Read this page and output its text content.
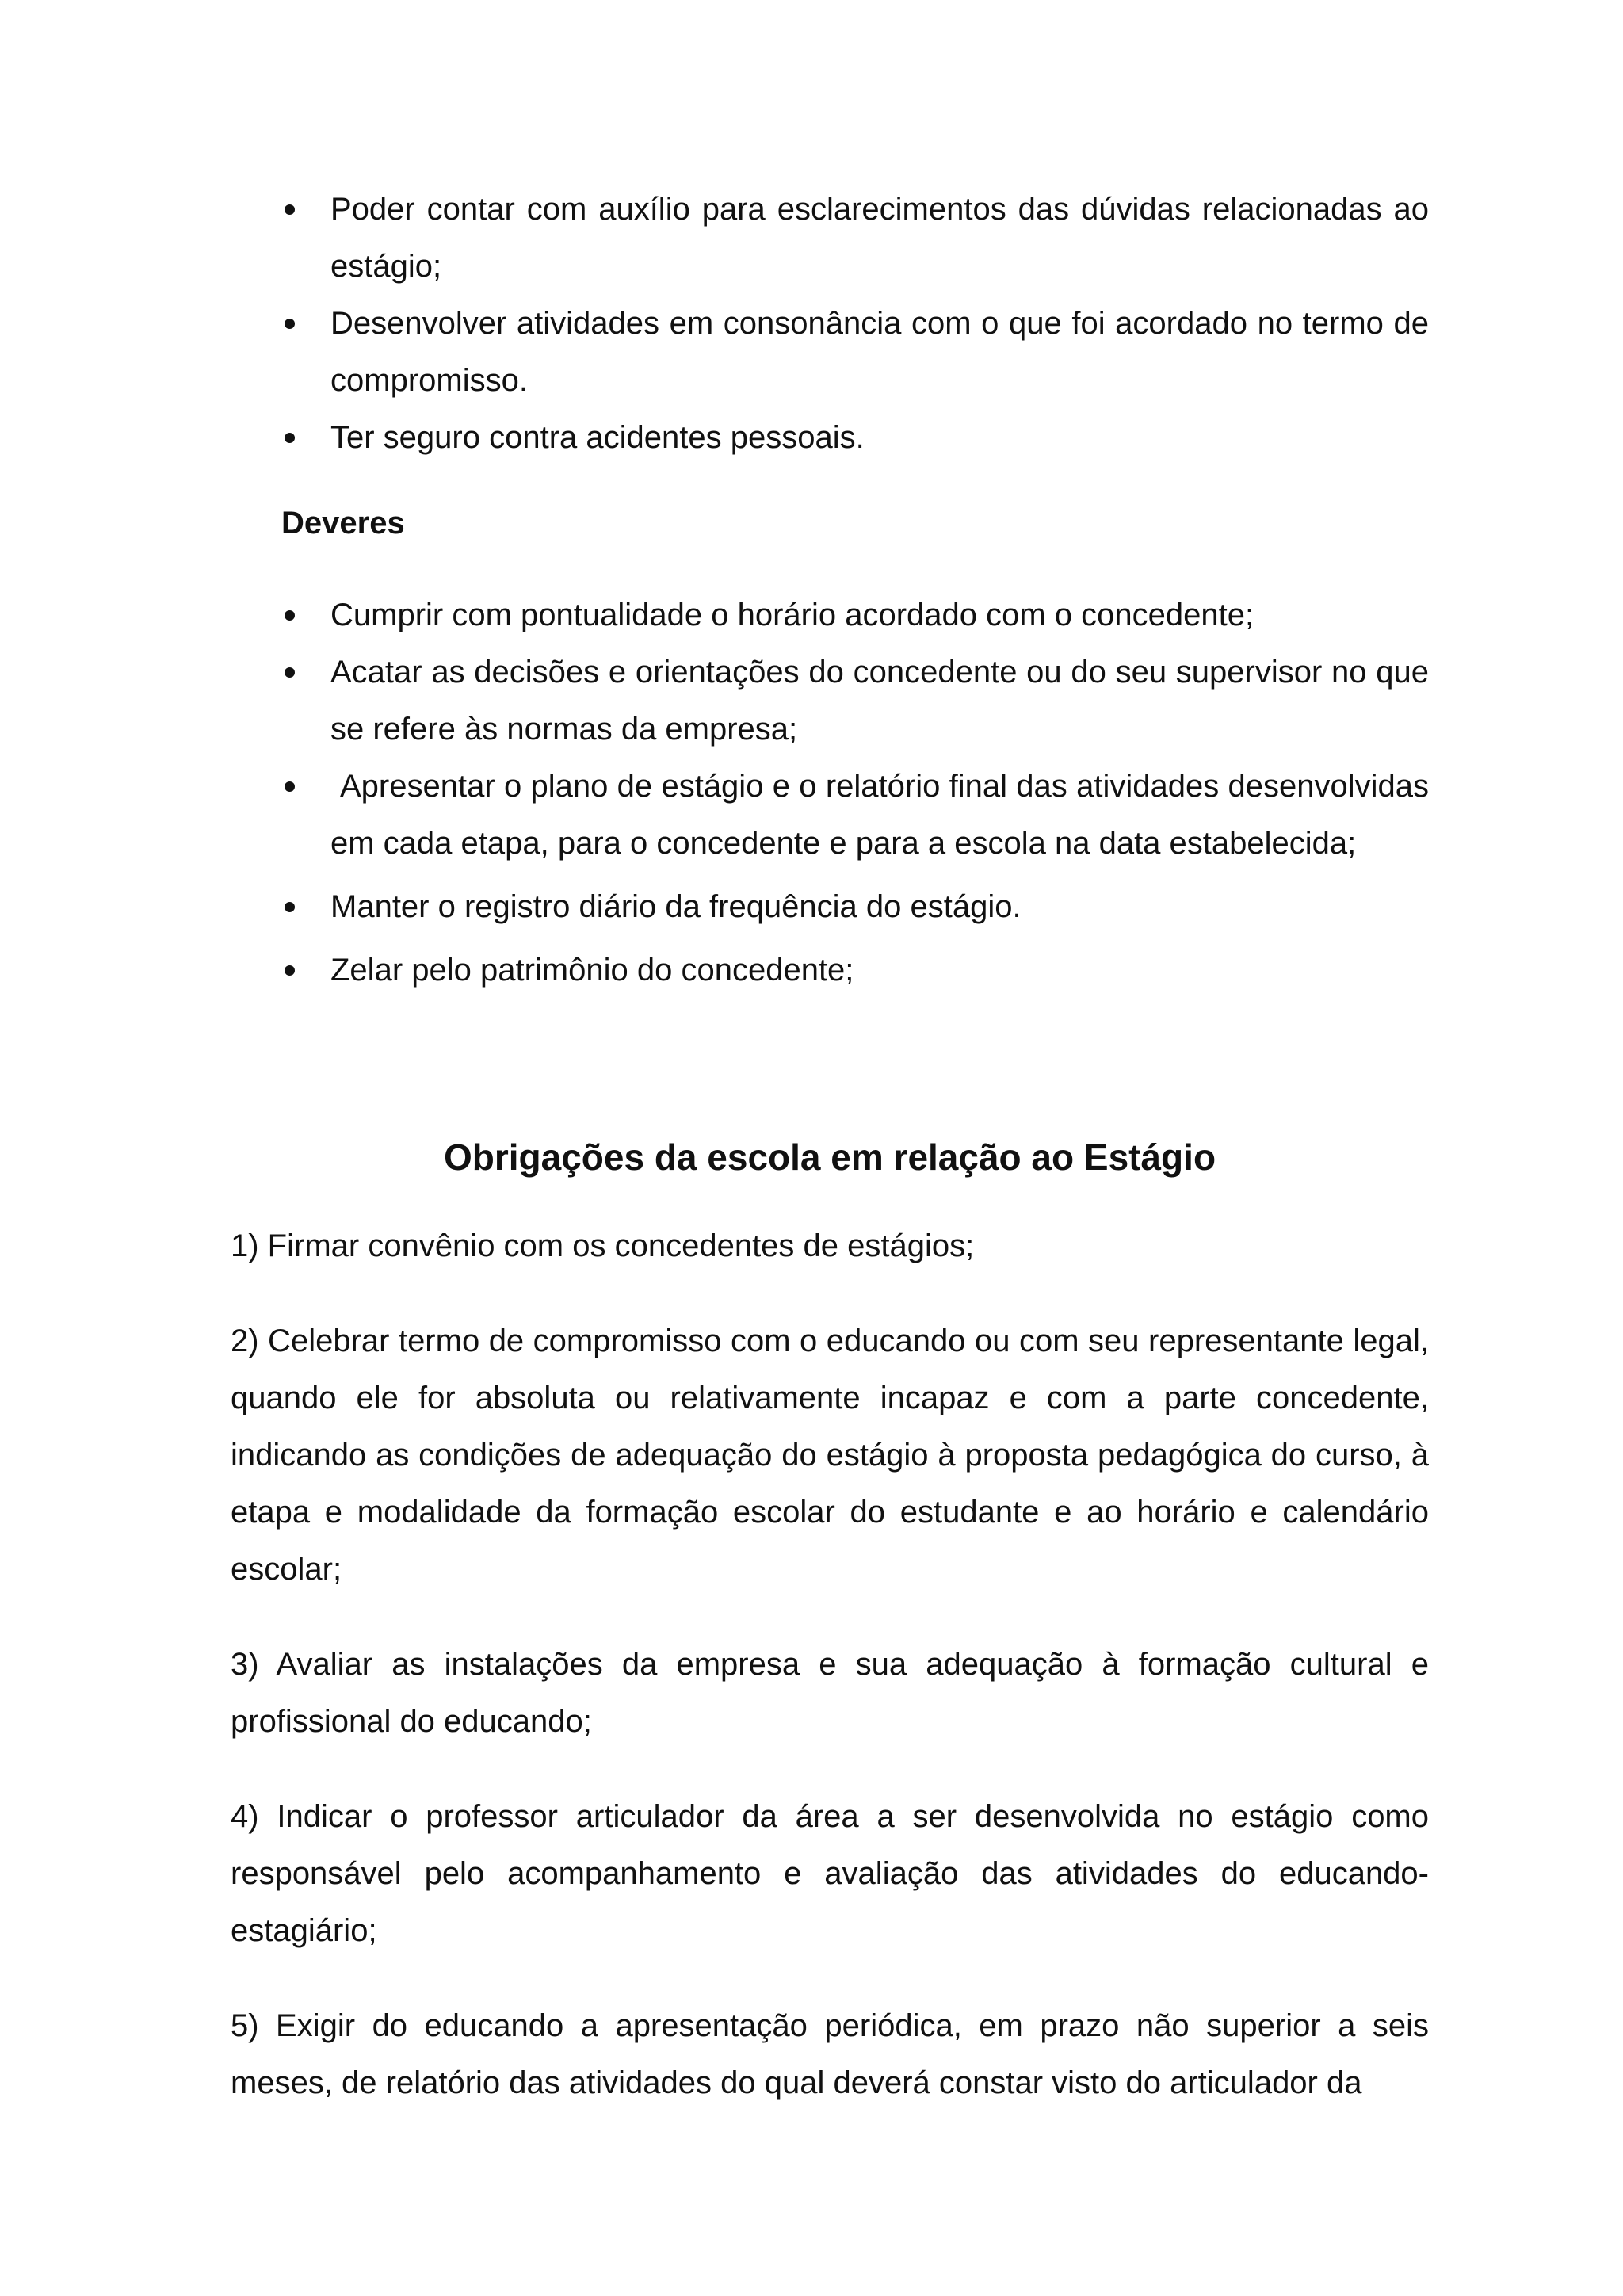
Poder contar com auxílio para esclarecimentos das dúvidas relacionadas ao estágio;
Desenvolver atividades em consonância com o que foi acordado no termo de compromisso.
Ter seguro contra acidentes pessoais.

Deveres

Cumprir com pontualidade o horário acordado com o concedente;
Acatar as decisões e orientações do concedente ou do seu supervisor no que se refere às normas da empresa;
Apresentar o plano de estágio e o relatório final das atividades desenvolvidas em cada etapa, para o concedente e para a escola na data estabelecida;
Manter o registro diário da frequência do estágio.
Zelar pelo patrimônio do concedente;

Obrigações da escola em relação ao Estágio

1) Firmar convênio com os concedentes de estágios;

2) Celebrar termo de compromisso com o educando ou com seu representante legal, quando ele for absoluta ou relativamente incapaz e com a parte concedente, indicando as condições de adequação do estágio à proposta pedagógica do curso, à etapa e modalidade da formação escolar do estudante e ao horário e calendário escolar;

3) Avaliar as instalações da empresa e sua adequação à formação cultural e profissional do educando;

4) Indicar o professor articulador da área a ser desenvolvida no estágio como responsável pelo acompanhamento e avaliação das atividades do educando-estagiário;

5) Exigir do educando a apresentação periódica, em prazo não superior a seis meses, de relatório das atividades do qual deverá constar visto do articulador da
